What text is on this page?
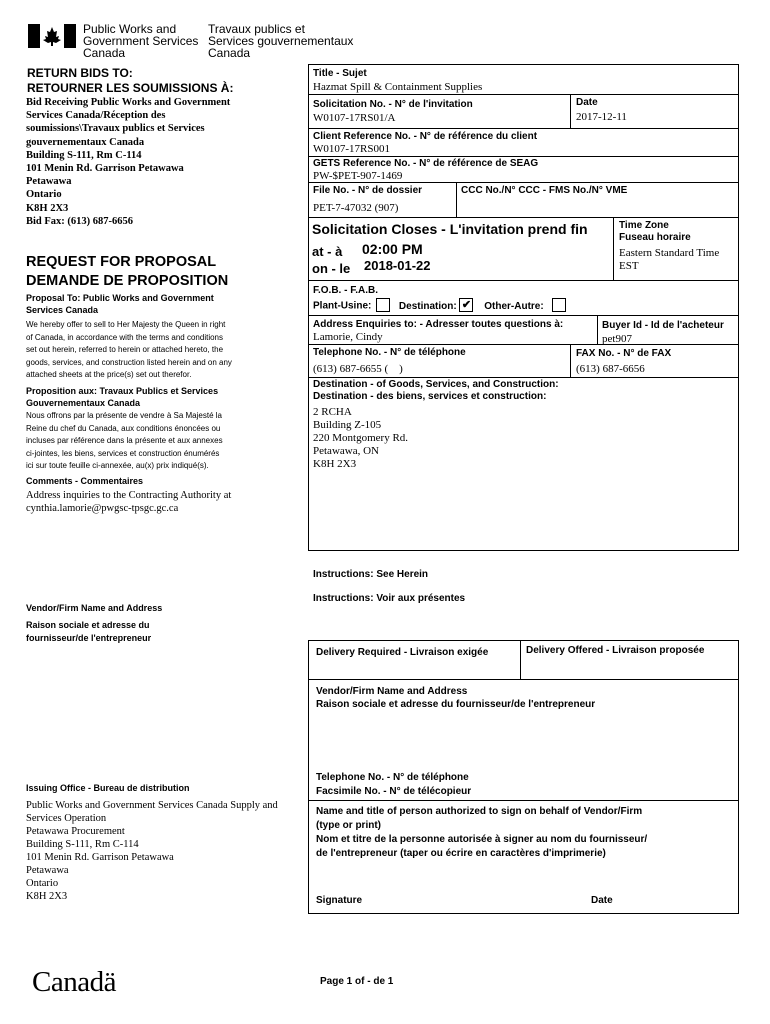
Public Works and
Government Services
Canada
Travaux publics et
Services gouvernementaux
Canada
RETURN BIDS TO:
RETOURNER LES SOUMISSIONS À:
Bid Receiving Public Works and Government
Services Canada/Réception des
soumissions\Travaux publics et Services
gouvernementaux Canada
Building S-111, Rm C-114
101 Menin Rd. Garrison Petawawa
Petawawa
Ontario
K8H 2X3
Bid Fax: (613) 687-6656
REQUEST FOR PROPOSAL
DEMANDE DE PROPOSITION
Proposal To: Public Works and Government
Services Canada
We hereby offer to sell to Her Majesty the Queen in right
of Canada, in accordance with the terms and conditions
set out herein, referred to herein or attached hereto, the
goods, services, and construction listed herein and on any
attached sheets at the price(s) set out therefor.
Proposition aux: Travaux Publics et Services
Gouvernementaux Canada
Nous offrons par la présente de vendre à Sa Majesté la
Reine du chef du Canada, aux conditions énoncées ou
incluses par référence dans la présente et aux annexes
ci-jointes, les biens, services et construction énumérés
ici sur toute feuille ci-annexée, au(x) prix indiqué(s).
Comments - Commentaires
Address inquiries to the Contracting Authority at
cynthia.lamorie@pwgsc-tpsgc.gc.ca
Vendor/Firm Name and Address
Raison sociale et adresse du
fournisseur/de l'entrepreneur
Issuing Office - Bureau de distribution
Public Works and Government Services Canada Supply and
Services Operation
Petawawa Procurement
Building S-111, Rm C-114
101 Menin Rd. Garrison Petawawa
Petawawa
Ontario
K8H 2X3
Title - Sujet
Hazmat Spill & Containment Supplies
Solicitation No. - N° de l'invitation
W0107-17RS01/A
Date
2017-12-11
Client Reference No. - N° de référence du client
W0107-17RS001
GETS Reference No. - N° de référence de SEAG
PW-$PET-907-1469
File No. - N° de dossier
PET-7-47032 (907)
CCC No./N° CCC - FMS No./N° VME
Solicitation Closes - L'invitation prend fin
at - à 02:00 PM
on - le 2018-01-22
Time Zone
Fuseau horaire
Eastern Standard Time
EST
F.O.B. - F.A.B.
Plant-Usine:	Destination: ✔ Other-Autre:
Address Enquiries to: - Adresser toutes questions à:
Lamorie, Cindy
Buyer Id - Id de l'acheteur
pet907
Telephone No. - N° de téléphone
(613) 687-6655 (    )
FAX No. - N° de FAX
(613) 687-6656
Destination - of Goods, Services, and Construction:
Destination - des biens, services et construction:
2 RCHA
Building Z-105
220 Montgomery Rd.
Petawawa, ON
K8H 2X3
Instructions: See Herein
Instructions: Voir aux présentes
Delivery Required - Livraison exigée	Delivery Offered - Livraison proposée
Vendor/Firm Name and Address
Raison sociale et adresse du fournisseur/de l'entrepreneur
Telephone No. - N° de téléphone
Facsimile No. - N° de télécopieur
Name and title of person authorized to sign on behalf of Vendor/Firm
(type or print)
Nom et titre de la personne autorisée à signer au nom du fournisseur/
de l'entrepreneur (taper ou écrire en caractères d'imprimerie)
Signature	Date
Canadä	Page 1 of - de 1
